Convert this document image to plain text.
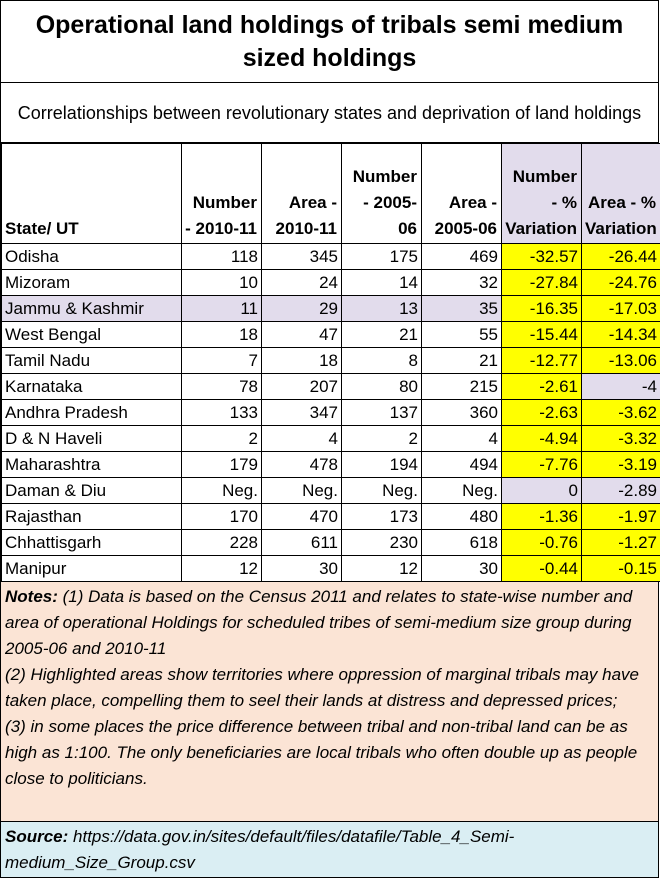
Operational land holdings of tribals semi medium sized holdings
Correlationships between revolutionary states and deprivation of land holdings
State/ UT	Number - 2010-11	Area - 2010-11	Number - 2005-06	Area - 2005-06	Number - % Variation	Area - % Variation
Odisha	118	345	175	469	-32.57	-26.44
Mizoram	10	24	14	32	-27.84	-24.76
Jammu & Kashmir	11	29	13	35	-16.35	-17.03
West Bengal	18	47	21	55	-15.44	-14.34
Tamil Nadu	7	18	8	21	-12.77	-13.06
Karnataka	78	207	80	215	-2.61	-4
Andhra Pradesh	133	347	137	360	-2.63	-3.62
D & N Haveli	2	4	2	4	-4.94	-3.32
Maharashtra	179	478	194	494	-7.76	-3.19
Daman & Diu	Neg.	Neg.	Neg.	Neg.	0	-2.89
Rajasthan	170	470	173	480	-1.36	-1.97
Chhattisgarh	228	611	230	618	-0.76	-1.27
Manipur	12	30	12	30	-0.44	-0.15
Notes: (1) Data is based on the Census 2011 and relates to state-wise number and area of operational Holdings for scheduled tribes of semi-medium size group during 2005-06 and 2010-11
(2) Highlighted areas show territories where oppression of marginal tribals may have taken place, compelling them to seel their lands at distress and depressed prices;
(3) in some places the price difference between tribal and non-tribal land can be as high as 1:100. The only beneficiaries are local tribals who often double up as people close to politicians.
Source: https://data.gov.in/sites/default/files/datafile/Table_4_Semi-medium_Size_Group.csv
